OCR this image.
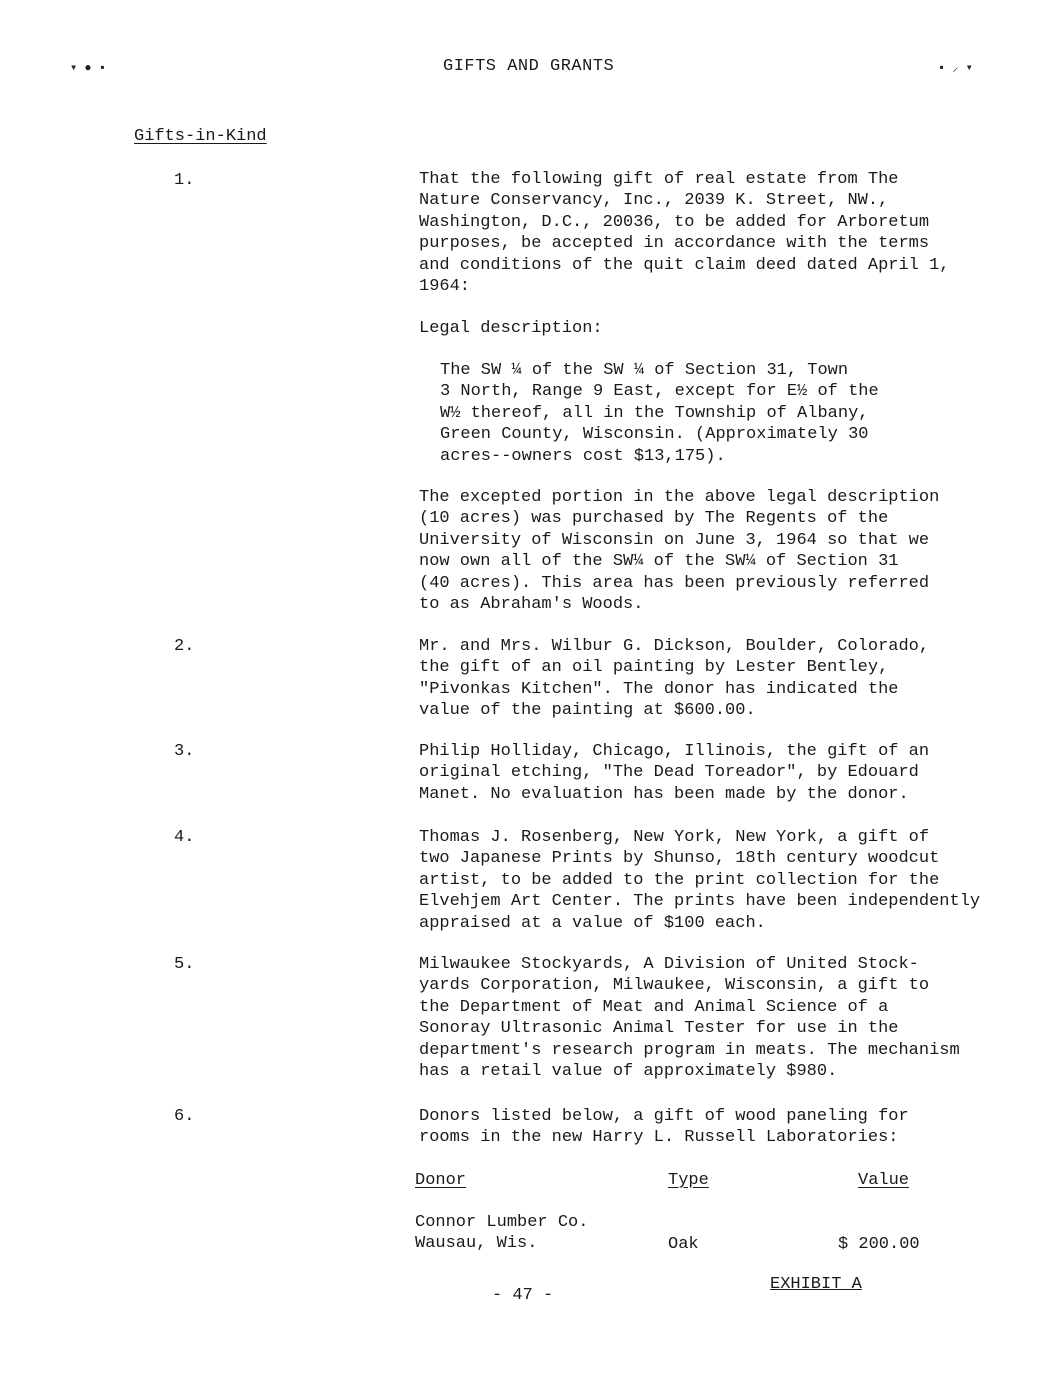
▾ ● ▪	GIFTS AND GRANTS	▪ ⸝ ▾
Gifts-in-Kind
1.	That the following gift of real estate from The
Nature Conservancy, Inc., 2039 K. Street, NW.,
Washington, D.C., 20036, to be added for Arboretum
purposes, be accepted in accordance with the terms
and conditions of the quit claim deed dated April 1,
1964:

Legal description:

The SW ¼ of the SW ¼ of Section 31, Town
3 North, Range 9 East, except for E½ of the
W½ thereof, all in the Township of Albany,
Green County, Wisconsin. (Approximately 30
acres--owners cost $13,175).

The excepted portion in the above legal description
(10 acres) was purchased by The Regents of the
University of Wisconsin on June 3, 1964 so that we
now own all of the SW¼ of the SW¼ of Section 31
(40 acres). This area has been previously referred
to as Abraham's Woods.

2.	Mr. and Mrs. Wilbur G. Dickson, Boulder, Colorado,
the gift of an oil painting by Lester Bentley,
"Pivonkas Kitchen". The donor has indicated the
value of the painting at $600.00.

3.	Philip Holliday, Chicago, Illinois, the gift of an
original etching, "The Dead Toreador", by Edouard
Manet. No evaluation has been made by the donor.

4.	Thomas J. Rosenberg, New York, New York, a gift of
two Japanese Prints by Shunso, 18th century woodcut
artist, to be added to the print collection for the
Elvehjem Art Center. The prints have been independently
appraised at a value of $100 each.

5.	Milwaukee Stockyards, A Division of United Stock-
yards Corporation, Milwaukee, Wisconsin, a gift to
the Department of Meat and Animal Science of a
Sonoray Ultrasonic Animal Tester for use in the
department's research program in meats. The mechanism
has a retail value of approximately $980.

6.	Donors listed below, a gift of wood paneling for
rooms in the new Harry L. Russell Laboratories:

Donor	Type	Value

Connor Lumber Co.
Wausau, Wis.	Oak	$ 200.00
- 47 -
EXHIBIT A
